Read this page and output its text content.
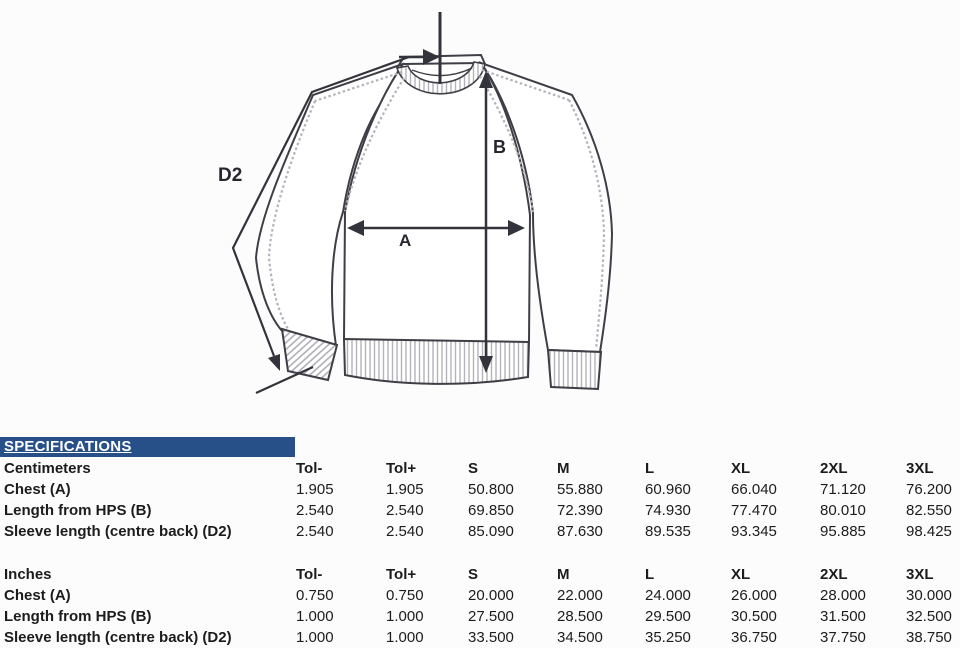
D2
B
A
SPECIFICATIONS
Centimeters	Tol-	Tol+	S	M	L	XL	2XL	3XL
Chest (A)	1.905	1.905	50.800	55.880	60.960	66.040	71.120	76.200
Length from HPS (B)	2.540	2.540	69.850	72.390	74.930	77.470	80.010	82.550
Sleeve length (centre back) (D2)	2.540	2.540	85.090	87.630	89.535	93.345	95.885	98.425
Inches	Tol-	Tol+	S	M	L	XL	2XL	3XL
Chest (A)	0.750	0.750	20.000	22.000	24.000	26.000	28.000	30.000
Length from HPS (B)	1.000	1.000	27.500	28.500	29.500	30.500	31.500	32.500
Sleeve length (centre back) (D2)	1.000	1.000	33.500	34.500	35.250	36.750	37.750	38.750
